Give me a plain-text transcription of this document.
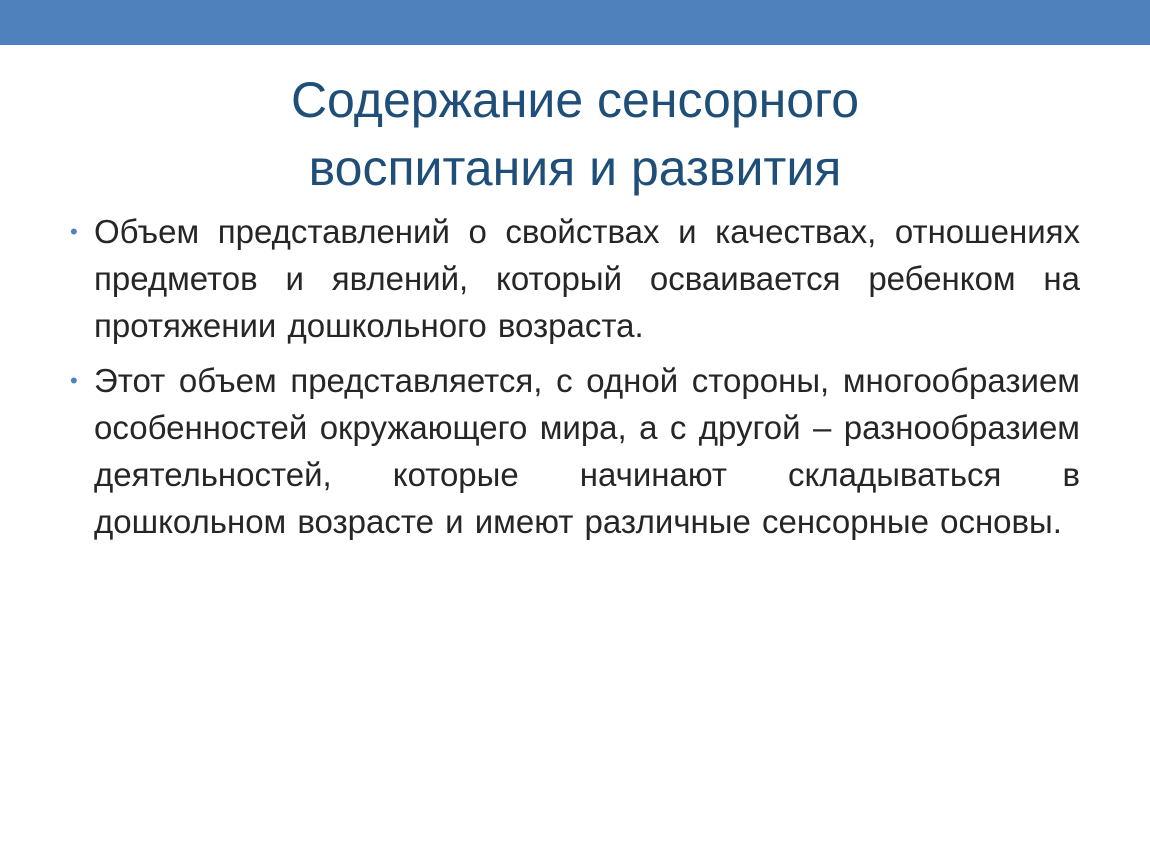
Содержание сенсорного
воспитания и развития
• Объем представлений о свойствах и качествах, отношениях предметов и явлений, который осваивается ребенком на протяжении дошкольного возраста.
• Этот объем представляется, с одной стороны, многообразием особенностей окружающего мира, а с другой – разнообразием деятельностей, которые начинают складываться в дошкольном возрасте и имеют различные сенсорные основы.
